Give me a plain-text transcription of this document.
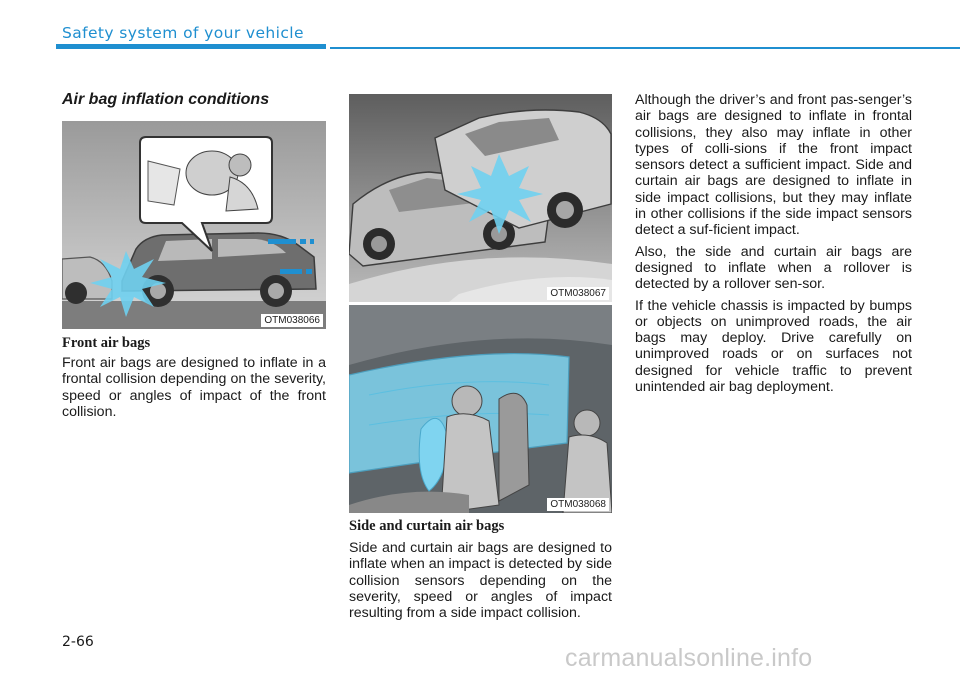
Safety system of your vehicle
Air bag inflation conditions
OTM038066
Front air bags

Front air bags are designed to inflate in a frontal collision depending on the severity, speed or angles of impact of the front collision.

OTM038067
OTM038068
Side and curtain air bags

Side and curtain air bags are designed to inflate when an impact is detected by side collision sensors depending on the severity, speed or angles of impact resulting from a side impact collision.

Although the driver’s and front pas-senger’s air bags are designed to inflate in frontal collisions, they also may inflate in other types of colli-sions if the front impact sensors detect a sufficient impact. Side and curtain air bags are designed to inflate in side impact collisions, but they may inflate in other collisions if the side impact sensors detect a suf-ficient impact.

Also, the side and curtain air bags are designed to inflate when a rollover is detected by a rollover sen-sor.

If the vehicle chassis is impacted by bumps or objects on unimproved roads, the air bags may deploy. Drive carefully on unimproved roads or on surfaces not designed for vehicle traffic to prevent unintended air bag deployment.

2-66
carmanualsonline.info
